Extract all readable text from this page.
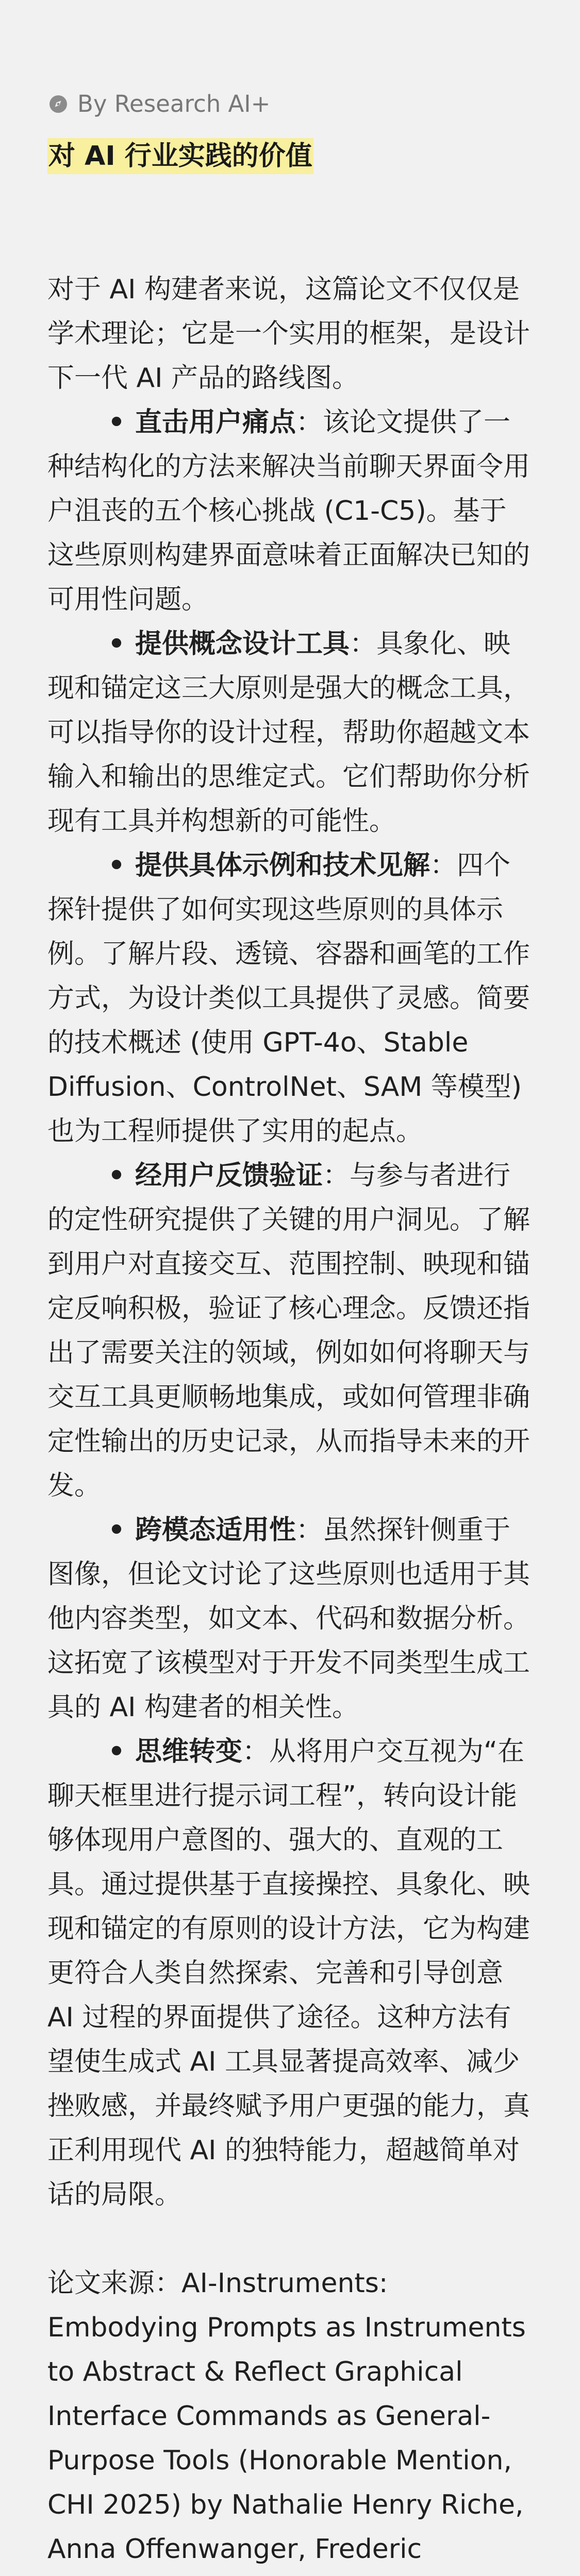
By Research AI+
对 AI 行业实践的价值

对于 AI 构建者来说，这篇论文不仅仅是学术理论；它是一个实用的框架，是设计下一代 AI 产品的路线图。

• 直击用户痛点：该论文提供了一种结构化的方法来解决当前聊天界面令用户沮丧的五个核心挑战 (C1-C5)。基于这些原则构建界面意味着正面解决已知的可用性问题。
• 提供概念设计工具：具象化、映现和锚定这三大原则是强大的概念工具，可以指导你的设计过程，帮助你超越文本输入和输出的思维定式。它们帮助你分析现有工具并构想新的可能性。
• 提供具体示例和技术见解：四个探针提供了如何实现这些原则的具体示例。了解片段、透镜、容器和画笔的工作方式，为设计类似工具提供了灵感。简要的技术概述 (使用 GPT-4o、Stable Diffusion、ControlNet、SAM 等模型) 也为工程师提供了实用的起点。
• 经用户反馈验证：与参与者进行的定性研究提供了关键的用户洞见。了解到用户对直接交互、范围控制、映现和锚定反响积极，验证了核心理念。反馈还指出了需要关注的领域，例如如何将聊天与交互工具更顺畅地集成，或如何管理非确定性输出的历史记录，从而指导未来的开发。
• 跨模态适用性：虽然探针侧重于图像，但论文讨论了这些原则也适用于其他内容类型，如文本、代码和数据分析。这拓宽了该模型对于开发不同类型生成工具的 AI 构建者的相关性。
• 思维转变：从将用户交互视为“在聊天框里进行提示词工程”，转向设计能够体现用户意图的、强大的、直观的工具。通过提供基于直接操控、具象化、映现和锚定的有原则的设计方法，它为构建更符合人类自然探索、完善和引导创意 AI 过程的界面提供了途径。这种方法有望使生成式 AI 工具显著提高效率、减少挫败感，并最终赋予用户更强的能力，真正利用现代 AI 的独特能力，超越简单对话的局限。

论文来源：AI-Instruments: Embodying Prompts as Instruments to Abstract & Reflect Graphical Interface Commands as General-Purpose Tools (Honorable Mention, CHI 2025) by Nathalie Henry Riche, Anna Offenwanger, Frederic
